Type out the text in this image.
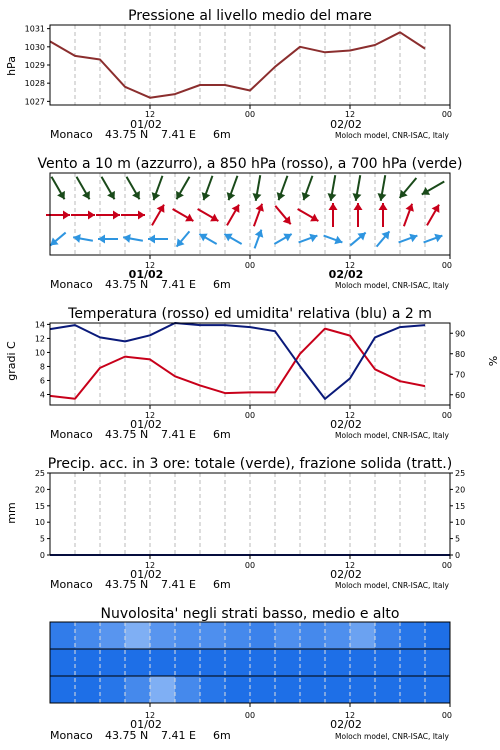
Pressione al livello medio del mare
Vento a 10 m (azzurro), a 850 hPa (rosso), a 700 hPa (verde)
Temperatura (rosso) ed umidita' relativa (blu) a 2 m
Precip. acc. in 3 ore: totale (verde), frazione solida (tratt.)
Nuvolosita' negli strati basso, medio e alto
hPa
gradi C	%
mm
Monaco 43.75 N 7.41 E 6m	Moloch model, CNR-ISAC, Italy
Monaco 43.75 N 7.41 E 6m	Moloch model, CNR-ISAC, Italy
Monaco 43.75 N 7.41 E 6m	Moloch model, CNR-ISAC, Italy
Monaco 43.75 N 7.41 E 6m	Moloch model, CNR-ISAC, Italy
Monaco 43.75 N 7.41 E 6m	Moloch model, CNR-ISAC, Italy
12	00	12	00
01/02	02/02
1027
1028
1029
1030
1031
12	00	12	00
01/02	02/02
12	00	12	00
01/02	02/02
4
6
8
10
12
14
60
70
80
90
12	00	12	00
01/02	02/02
0
5
10
15
20
25
0
5
10
15
20
25
12	00	12	00
01/02	02/02
